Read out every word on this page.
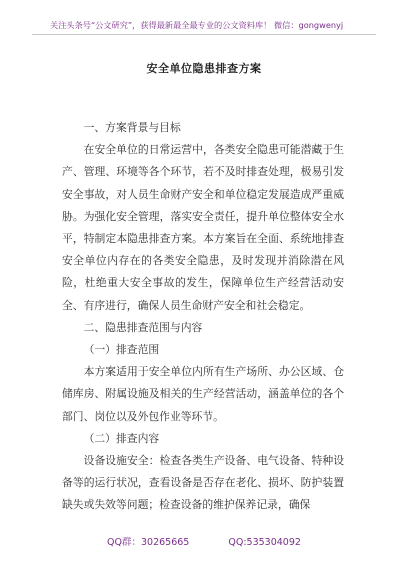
关注头条号“公文研究”，获得最新最全最专业的公文资料库！ 微信：gongwenyj
安全单位隐患排查方案

一、方案背景与目标

在安全单位的日常运营中，各类安全隐患可能潜藏于生产、管理、环境等各个环节，若不及时排查处理，极易引发安全事故，对人员生命财产安全和单位稳定发展造成严重威胁。为强化安全管理，落实安全责任，提升单位整体安全水平，特制定本隐患排查方案。本方案旨在全面、系统地排查安全单位内存在的各类安全隐患，及时发现并消除潜在风险，杜绝重大安全事故的发生，保障单位生产经营活动安全、有序进行，确保人员生命财产安全和社会稳定。

二、隐患排查范围与内容

（一）排查范围

本方案适用于安全单位内所有生产场所、办公区域、仓储库房、附属设施及相关的生产经营活动，涵盖单位的各个部门、岗位以及外包作业等环节。

（二）排查内容

设备设施安全：检查各类生产设备、电气设备、特种设备等的运行状况，查看设备是否存在老化、损坏、防护装置缺失或失效等问题；检查设备的维护保养记录，确保

QQ群：30265665	QQ:535304092
